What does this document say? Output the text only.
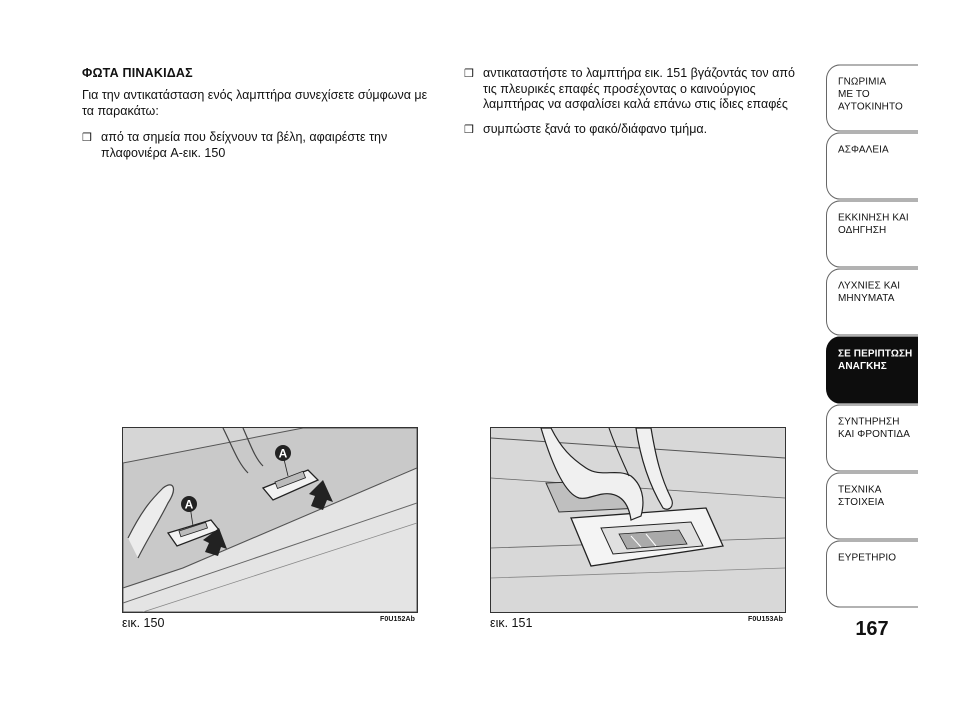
ΦΩΤΑ ΠΙΝΑΚΙΔΑΣ
Για την αντικατάσταση ενός λαμπτήρα συνεχίσετε σύμφωνα με τα παρακάτω:
❒ από τα σημεία που δείχνουν τα βέλη, αφαιρέστε την πλαφονιέρα A-εικ. 150
❒ αντικαταστήστε το λαμπτήρα εικ. 151 βγάζοντάς τον από τις πλευρικές επαφές προσέχοντας ο καινούργιος λαμπτήρας να ασφαλίσει καλά επάνω στις ίδιες επαφές
❒ συμπώστε ξανά το φακό/διάφανο τμήμα.
A
A
εικ. 150	F0U152Ab	εικ. 151	F0U153Ab
ΓΝΩΡΙΜΙΑ
ΜΕ ΤΟ
ΑΥΤΟΚΙΝΗΤΟ
ΑΣΦΑΛΕΙΑ
ΕΚΚΙΝΗΣΗ ΚΑΙ
ΟΔΗΓΗΣΗ
ΛΥΧΝΙΕΣ ΚΑΙ
ΜΗΝΥΜΑΤΑ
ΣΕ ΠΕΡΙΠΤΩΣΗ
ΑΝΑΓΚΗΣ
ΣΥΝΤΗΡΗΣΗ
ΚΑΙ ΦΡΟΝΤΙΔΑ
ΤΕΧΝΙΚΑ
ΣΤΟΙΧΕΙΑ
ΕΥΡΕΤΗΡΙΟ
167
